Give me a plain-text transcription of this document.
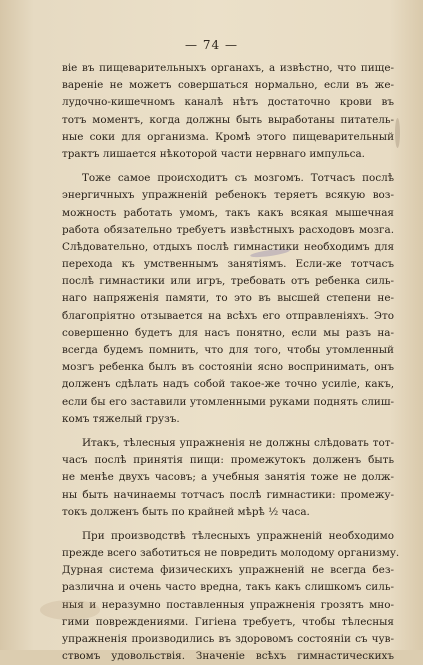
— 74 —
віе въ пищеварительныхъ органахъ, а извѣстно, что пище-
вареніе не можетъ совершаться нормально, если въ же-
лудочно-кишечномъ каналѣ нѣтъ достаточно крови въ
тотъ моментъ, когда должны быть выработаны питатель-
ные соки для организма. Кромѣ этого пищеварительный
трактъ лишается нѣкоторой части нервнаго импульса.
Тоже самое происходитъ съ мозгомъ. Тотчасъ послѣ
энергичныхъ упражненій ребенокъ теряетъ всякую воз-
можность работать умомъ, такъ какъ всякая мышечная
работа обязательно требуетъ извѣстныхъ расходовъ мозга.
Слѣдовательно, отдыхъ послѣ гимнастики необходимъ для
перехода къ умственнымъ занятіямъ. Если-же тотчасъ
послѣ гимнастики или игръ, требовать отъ ребенка силь-
наго напряженія памяти, то это въ высшей степени не-
благопріятно отзывается на всѣхъ его отправленіяхъ. Это
совершенно будетъ для насъ понятно, если мы разъ на-
всегда будемъ помнить, что для того, чтобы утомленный
мозгъ ребенка былъ въ состояніи ясно воспринимать, онъ
долженъ сдѣлать надъ собой такое-же точно усиліе, какъ,
если бы его заставили утомленными руками поднять слиш-
комъ тяжелый грузъ.
Итакъ, тѣлесныя упражненія не должны слѣдовать тот-
часъ послѣ принятія пищи: промежутокъ долженъ быть
не менѣе двухъ часовъ; а учебныя занятія тоже не долж-
ны быть начинаемы тотчасъ послѣ гимнастики: промежу-
токъ долженъ быть по крайней мѣрѣ ½ часа.
При производствѣ тѣлесныхъ упражненій необходимо
прежде всего заботиться не повредить молодому организму.
Дурная система физическихъ упражненій не всегда без-
различна и очень часто вредна, такъ какъ слишкомъ силь-
ныя и неразумно поставленныя упражненія грозятъ мно-
гими повреждениями. Гигіена требуетъ, чтобы тѣлесныя
упражненія производились въ здоровомъ состояніи съ чув-
ствомъ удовольствія. Значеніе всѣхъ гимнастическихъ
